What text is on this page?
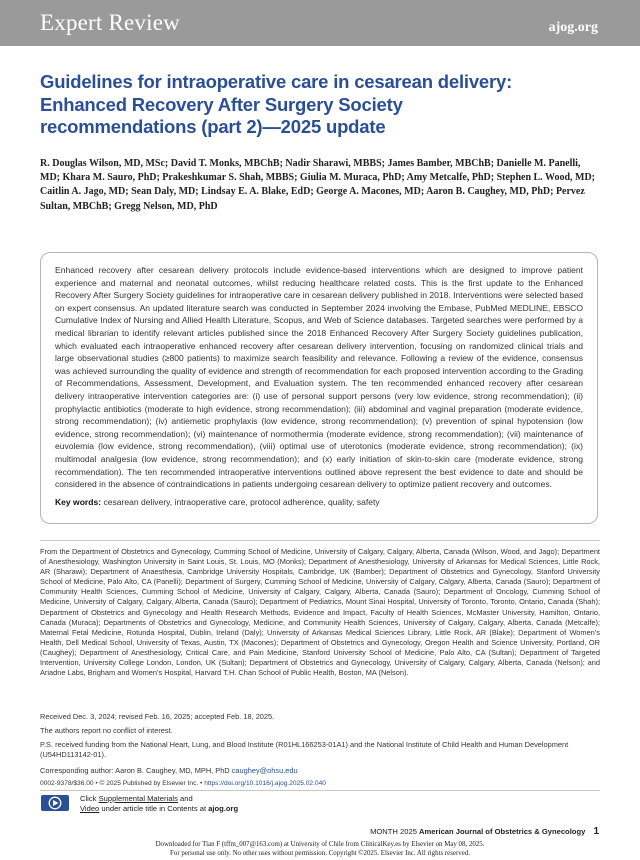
Expert Review	ajog.org
Guidelines for intraoperative care in cesarean delivery: Enhanced Recovery After Surgery Society recommendations (part 2)—2025 update
R. Douglas Wilson, MD, MSc; David T. Monks, MBChB; Nadir Sharawi, MBBS; James Bamber, MBChB; Danielle M. Panelli, MD; Khara M. Sauro, PhD; Prakeshkumar S. Shah, MBBS; Giulia M. Muraca, PhD; Amy Metcalfe, PhD; Stephen L. Wood, MD; Caitlin A. Jago, MD; Sean Daly, MD; Lindsay E. A. Blake, EdD; George A. Macones, MD; Aaron B. Caughey, MD, PhD; Pervez Sultan, MBChB; Gregg Nelson, MD, PhD

Enhanced recovery after cesarean delivery protocols include evidence-based interventions which are designed to improve patient experience and maternal and neonatal outcomes, whilst reducing healthcare related costs. This is the first update to the Enhanced Recovery After Surgery Society guidelines for intraoperative care in cesarean delivery published in 2018. Interventions were selected based on expert consensus. An updated literature search was conducted in September 2024 involving the Embase, PubMed MEDLINE, EBSCO Cumulative Index of Nursing and Allied Health Literature, Scopus, and Web of Science databases. Targeted searches were performed by a medical librarian to identify relevant articles published since the 2018 Enhanced Recovery After Surgery Society guidelines publication, which evaluated each intraoperative enhanced recovery after cesarean delivery intervention, focusing on randomized clinical trials and large observational studies (≥800 patients) to maximize search feasibility and relevance. Following a review of the evidence, consensus was achieved surrounding the quality of evidence and strength of recommendation for each proposed intervention according to the Grading of Recommendations, Assessment, Development, and Evaluation system. The ten recommended enhanced recovery after cesarean delivery intraoperative intervention categories are: (i) use of personal support persons (very low evidence, strong recommendation); (ii) prophylactic antibiotics (moderate to high evidence, strong recommendation); (iii) abdominal and vaginal preparation (moderate evidence, strong recommendation); (iv) antiemetic prophylaxis (low evidence, strong recommendation); (v) prevention of spinal hypotension (low evidence, strong recommendation); (vi) maintenance of normothermia (moderate evidence, strong recommendation); (vii) maintenance of euvolemia (low evidence, strong recommendation), (viii) optimal use of uterotonics (moderate evidence, strong recommendation); (ix) multimodal analgesia (low evidence, strong recommendation); and (x) early initiation of skin-to-skin care (moderate evidence, strong recommendation). The ten recommended intraoperative interventions outlined above represent the best evidence to date and should be considered in the absence of contraindications in patients undergoing cesarean delivery to optimize patient recovery and outcomes.

Key words: cesarean delivery, intraoperative care, protocol adherence, quality, safety

From the Department of Obstetrics and Gynecology, Cumming School of Medicine, University of Calgary, Calgary, Alberta, Canada (Wilson, Wood, and Jago); Department of Anesthesiology, Washington University in Saint Louis, St. Louis, MO (Monks); Department of Anesthesiology, University of Arkansas for Medical Sciences, Little Rock, AR (Sharawi); Department of Anaesthesia, Cambridge University Hospitals, Cambridge, UK (Bamber); Department of Obstetrics and Gynecology, Stanford University School of Medicine, Palo Alto, CA (Panelli); Department of Surgery, Cumming School of Medicine, University of Calgary, Calgary, Alberta, Canada (Sauro); Department of Community Health Sciences, Cumming School of Medicine, University of Calgary, Calgary, Alberta, Canada (Sauro); Department of Oncology, Cumming School of Medicine, University of Calgary, Calgary, Alberta, Canada (Sauro); Department of Pediatrics, Mount Sinai Hospital, University of Toronto, Toronto, Ontario, Canada (Shah); Department of Obstetrics and Gynecology and Health Research Methods, Evidence and Impact, Faculty of Health Sciences, McMaster University, Hamilton, Ontario, Canada (Muraca); Departments of Obstetrics and Gynecology, Medicine, and Community Health Sciences, University of Calgary, Calgary, Alberta, Canada (Metcalfe); Maternal Fetal Medicine, Rotunda Hospital, Dublin, Ireland (Daly); University of Arkansas Medical Sciences Library, Little Rock, AR (Blake); Department of Women’s Health, Dell Medical School, University of Texas, Austin, TX (Macones); Department of Obstetrics and Gynecology, Oregon Health and Science University, Portland, OR (Caughey); Department of Anesthesiology, Critical Care, and Pain Medicine, Stanford University School of Medicine, Palo Alto, CA (Sultan); Department of Targeted Intervention, University College London, London, UK (Sultan); Department of Obstetrics and Gynecology, University of Calgary, Calgary, Alberta, Canada (Nelson); and Ariadne Labs, Brigham and Women’s Hospital, Harvard T.H. Chan School of Public Health, Boston, MA (Nelson).

Received Dec. 3, 2024; revised Feb. 16, 2025; accepted Feb. 18, 2025.

The authors report no conflict of interest.

P.S. received funding from the National Heart, Lung, and Blood Institute (R01HL166253-01A1) and the National Institute of Child Health and Human Development (U54HD113142-01).

Corresponding author: Aaron B. Caughey, MD, MPH, PhD caughey@ohsu.edu

0002-9378/$36.00 • © 2025 Published by Elsevier Inc. • https://doi.org/10.1016/j.ajog.2025.02.040
Click Supplemental Materials and
Video under article title in Contents at ajog.org
MONTH 2025 American Journal of Obstetrics & Gynecology 1
Downloaded for Tian F (tffm_007@163.com) at University of Chile from ClinicalKey.es by Elsevier on May 08, 2025.
For personal use only. No other uses without permission. Copyright ©2025. Elsevier Inc. All rights reserved.
